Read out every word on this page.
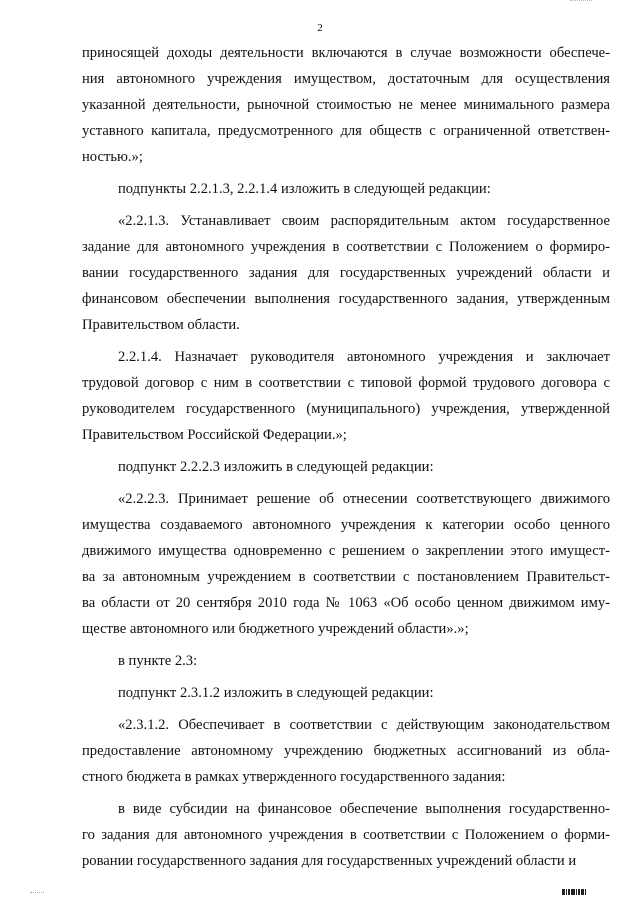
2

приносящей доходы деятельности включаются в случае возможности обеспече-

ния автономного учреждения имуществом, достаточным для осуществления

указанной деятельности, рыночной стоимостью не менее минимального размера

уставного капитала, предусмотренного для обществ с ограниченной ответствен-

ностью.»;

подпункты 2.2.1.3, 2.2.1.4 изложить в следующей редакции:

«2.2.1.3. Устанавливает своим распорядительным актом государственное

задание для автономного учреждения в соответствии с Положением о формиро-

вании государственного задания для государственных учреждений области и

финансовом обеспечении выполнения государственного задания, утвержденным

Правительством области.

2.2.1.4. Назначает руководителя автономного учреждения и заключает

трудовой договор с ним в соответствии с типовой формой трудового договора с

руководителем государственного (муниципального) учреждения, утвержденной

Правительством Российской Федерации.»;

подпункт 2.2.2.3 изложить в следующей редакции:

«2.2.2.3. Принимает решение об отнесении соответствующего движимого

имущества создаваемого автономного учреждения к категории особо ценного

движимого имущества одновременно с решением о закреплении этого имущест-

ва за автономным учреждением в соответствии с постановлением Правительст-

ва области от 20 сентября 2010 года № 1063 «Об особо ценном движимом иму-

ществе автономного или бюджетного учреждений области».»;

в пункте 2.3:

подпункт 2.3.1.2 изложить в следующей редакции:

«2.3.1.2. Обеспечивает в соответствии с действующим законодательством

предоставление автономному учреждению бюджетных ассигнований из обла-

стного бюджета в рамках утвержденного государственного задания:

в виде субсидии на финансовое обеспечение выполнения государственно-

го задания для автономного учреждения в соответствии с Положением о форми-

ровании государственного задания для государственных учреждений области и
